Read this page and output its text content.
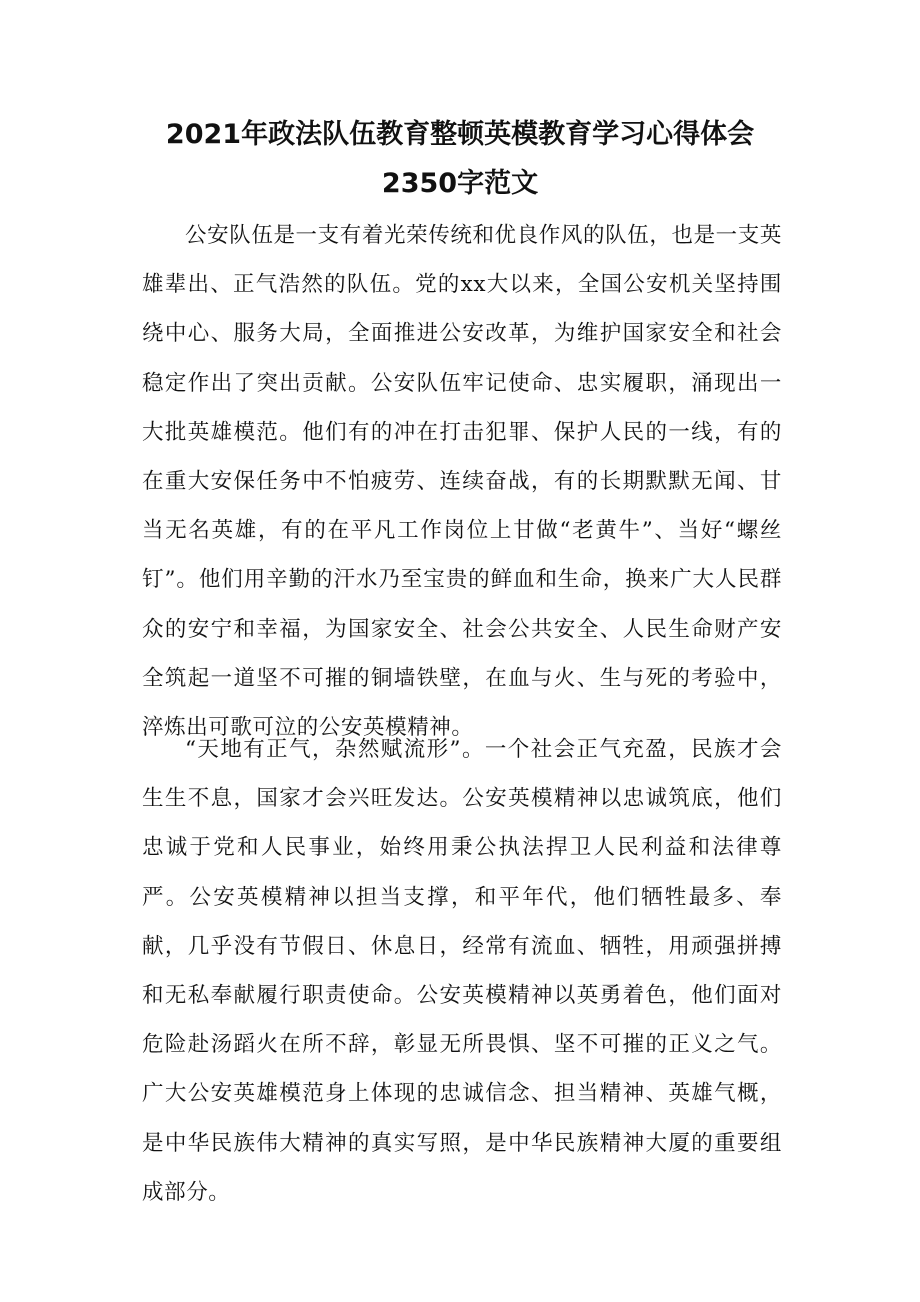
2021年政法队伍教育整顿英模教育学习心得体会
2350字范文

公安队伍是一支有着光荣传统和优良作风的队伍，也是一支英雄辈出、正气浩然的队伍。党的xx大以来，全国公安机关坚持围绕中心、服务大局，全面推进公安改革，为维护国家安全和社会稳定作出了突出贡献。公安队伍牢记使命、忠实履职，涌现出一大批英雄模范。他们有的冲在打击犯罪、保护人民的一线，有的在重大安保任务中不怕疲劳、连续奋战，有的长期默默无闻、甘当无名英雄，有的在平凡工作岗位上甘做“老黄牛”、当好“螺丝钉”。他们用辛勤的汗水乃至宝贵的鲜血和生命，换来广大人民群众的安宁和幸福，为国家安全、社会公共安全、人民生命财产安全筑起一道坚不可摧的铜墙铁壁，在血与火、生与死的考验中，淬炼出可歌可泣的公安英模精神。

“天地有正气，杂然赋流形”。一个社会正气充盈，民族才会生生不息，国家才会兴旺发达。公安英模精神以忠诚筑底，他们忠诚于党和人民事业，始终用秉公执法捍卫人民利益和法律尊严。公安英模精神以担当支撑，和平年代，他们牺牲最多、奉献，几乎没有节假日、休息日，经常有流血、牺牲，用顽强拼搏和无私奉献履行职责使命。公安英模精神以英勇着色，他们面对危险赴汤蹈火在所不辞，彰显无所畏惧、坚不可摧的正义之气。广大公安英雄模范身上体现的忠诚信念、担当精神、英雄气概，是中华民族伟大精神的真实写照，是中华民族精神大厦的重要组成部分。
